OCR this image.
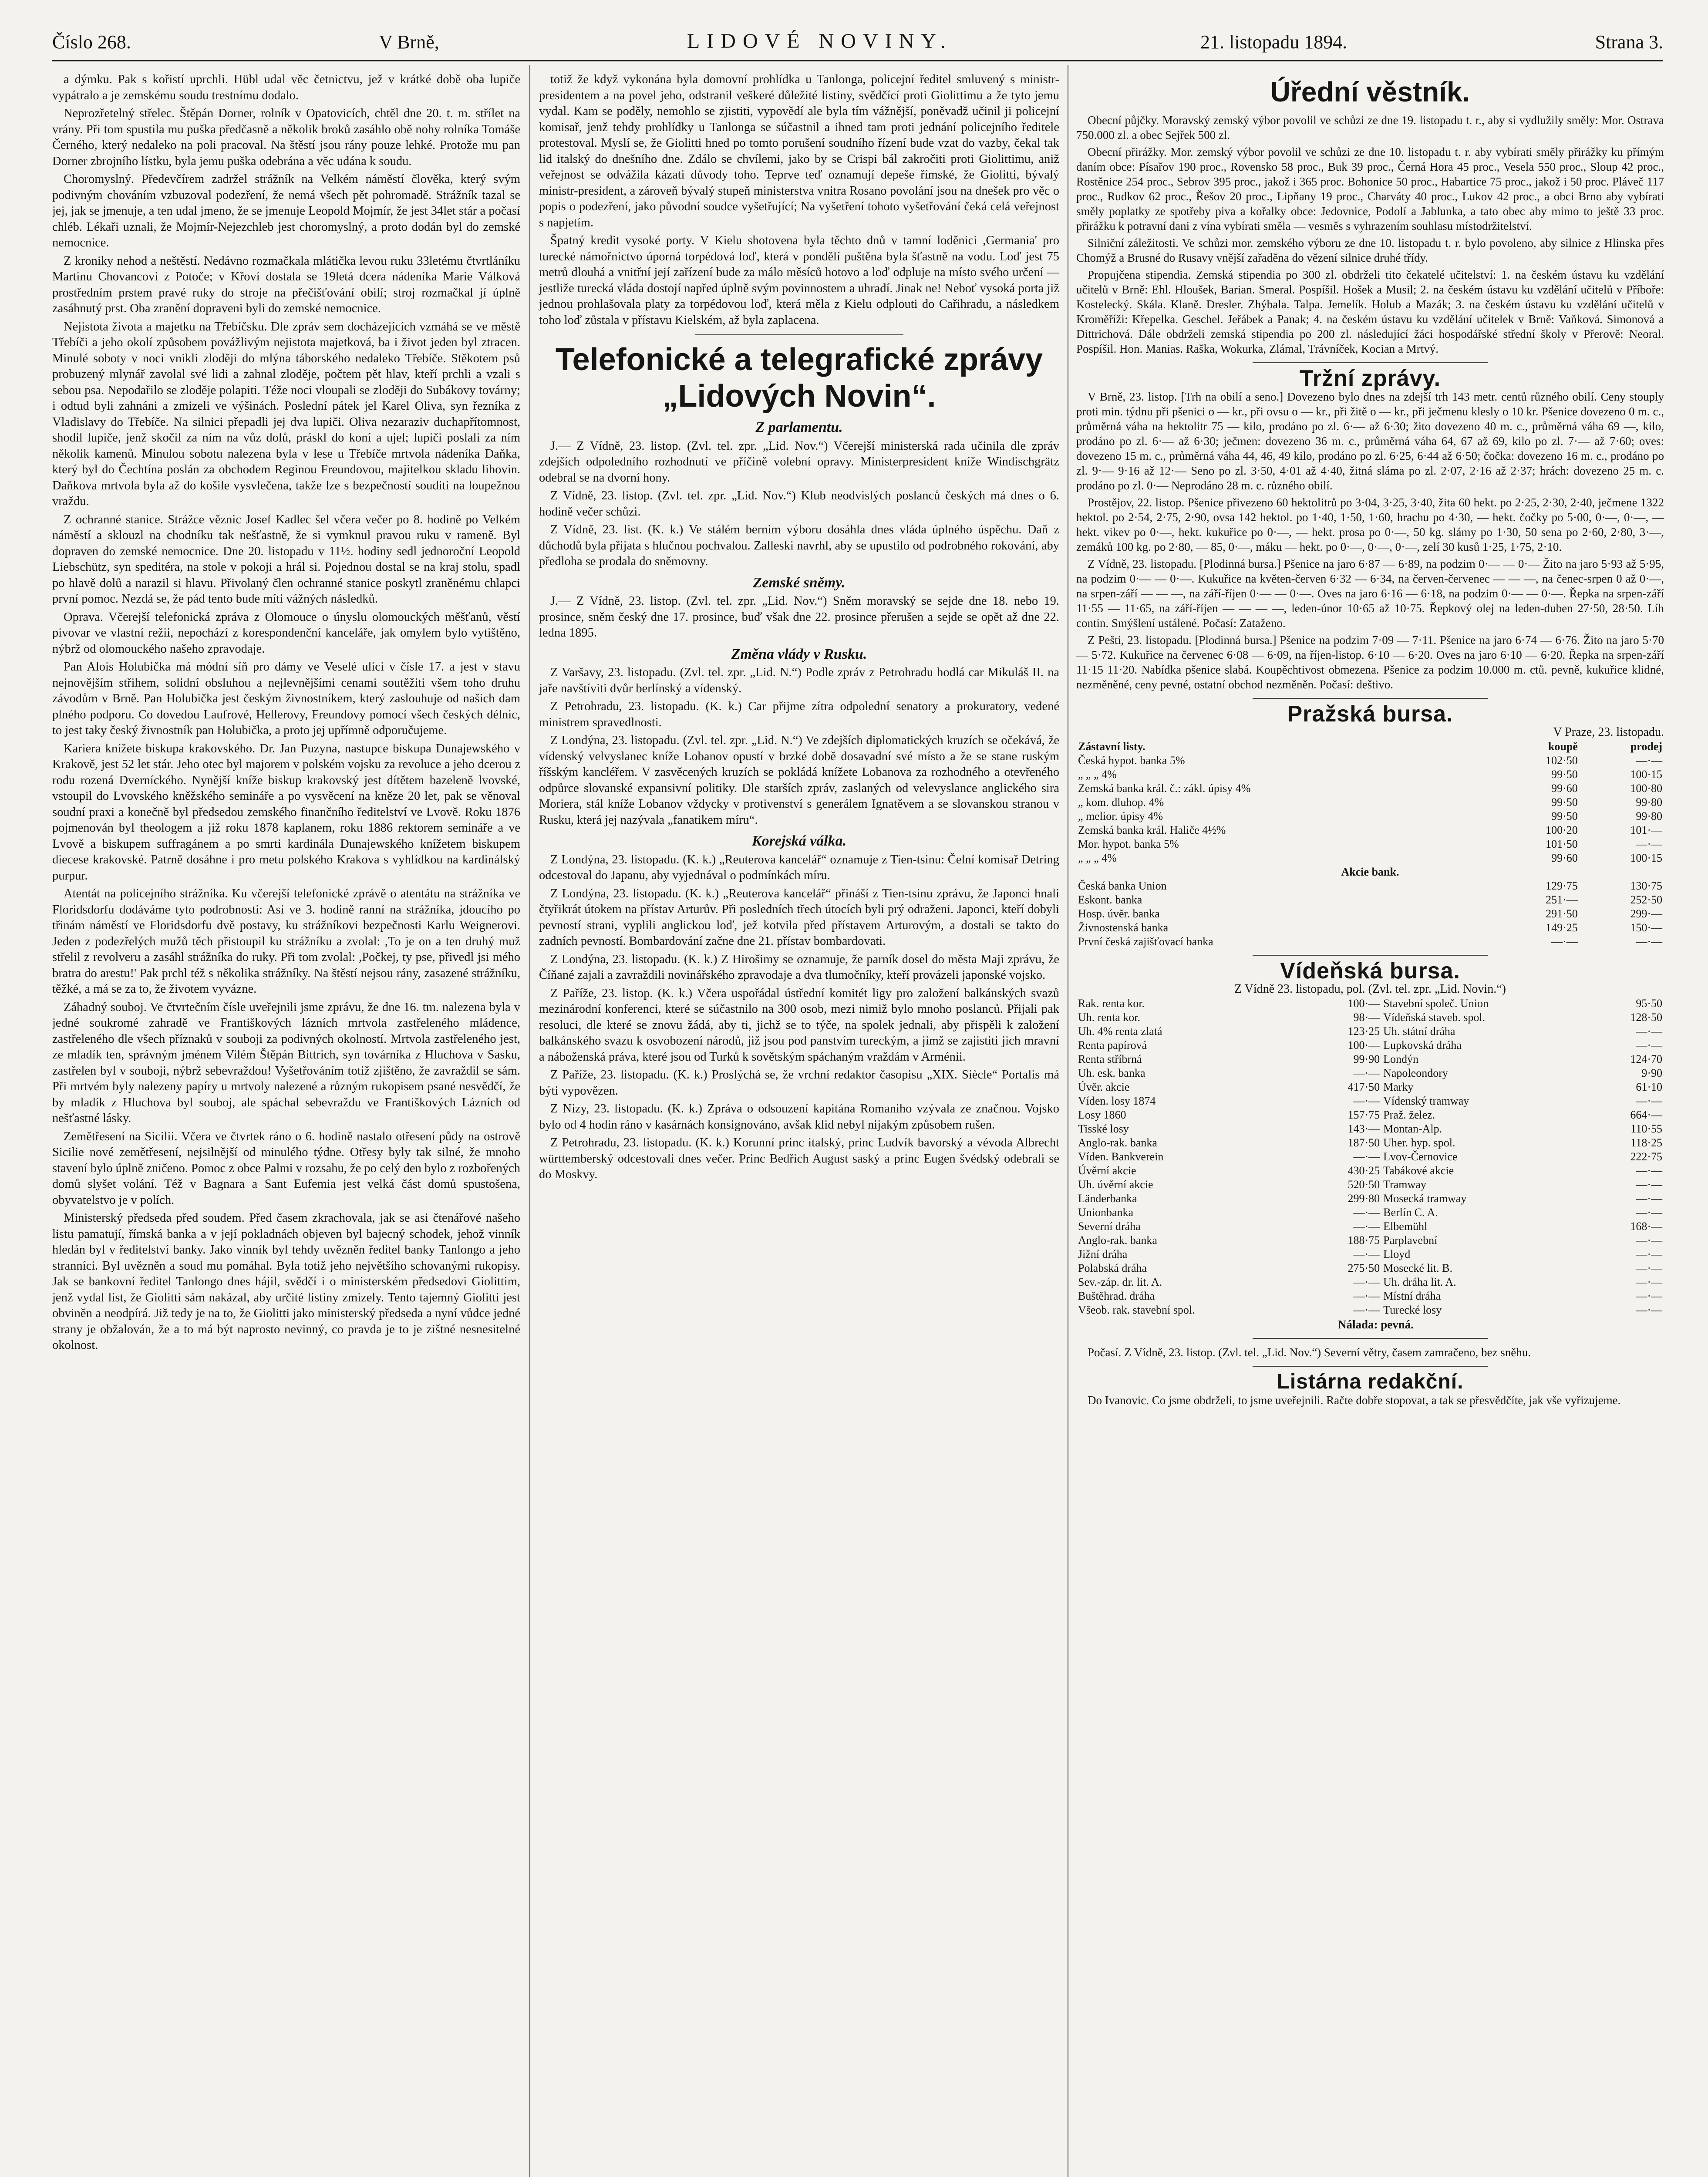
Číslo 268.	V Brně,	LIDOVÉ NOVINY.	21. listopadu 1894.	Strana 3.

a dýmku. Pak s kořistí uprchli. Hübl udal věc četnictvu, jež v krátké době oba lupiče vypátralo a je zemskému soudu trestnímu dodalo.

Neprozřetelný střelec. Štěpán Dorner, rolník v Opatovicích, chtěl dne 20. t. m. střílet na vrány. Při tom spustila mu puška předčasně a několik broků zasáhlo obě nohy rolníka Tomáše Černého, který nedaleko na poli pracoval. Na štěstí jsou rány pouze lehké. Protože mu pan Dorner zbrojního lístku, byla jemu puška odebrána a věc udána k soudu.

Choromyslný. Předevčírem zadržel strážník na Velkém náměstí člověka, který svým podivným chováním vzbuzoval podezření, že nemá všech pět pohromadě. Strážník tazal se jej, jak se jmenuje, a ten udal jmeno, že se jmenuje Leopold Mojmír, že jest 34let stár a počasí chléb. Lékaři uznali, že Mojmír-Nejezchleb jest choromyslný, a proto dodán byl do zemské nemocnice.

Z kroniky nehod a neštěstí. Nedávno rozmačkala mlátička levou ruku 33letému čtvrtláníku Martinu Chovancovi z Potoče; v Křoví dostala se 19letá dcera nádeníka Marie Válková prostředním prstem pravé ruky do stroje na přečišťování obilí; stroj rozmačkal jí úplně zasáhnutý prst. Oba zranění dopraveni byli do zemské nemocnice.

Nejistota života a majetku na Třebíčsku. Dle zpráv sem docházejících vzmáhá se ve městě Třebíči a jeho okolí způsobem povážlivým nejistota majetková, ba i život jeden byl ztracen. Minulé soboty v noci vnikli zloději do mlýna táborského nedaleko Třebíče. Stěkotem psů probuzený mlynář zavolal své lidi a zahnal zloděje, počtem pět hlav, kteří prchli a vzali s sebou psa. Nepodařilo se zloděje polapiti. Téže noci vloupali se zloději do Subákovy továrny; i odtud byli zahnáni a zmizeli ve výšinách. Poslední pátek jel Karel Oliva, syn řezníka z Vladislavy do Třebíče. Na silnici přepadli jej dva lupiči. Oliva nezaraziv duchapřítomnost, shodil lupiče, jenž skočil za ním na vůz dolů, práskl do koní a ujel; lupiči poslali za ním několik kamenů. Minulou sobotu nalezena byla v lese u Třebíče mrtvola nádeníka Daňka, který byl do Čechtína poslán za obchodem Reginou Freundovou, majitelkou skladu lihovin. Daňkova mrtvola byla až do košile vysvlečena, takže lze s bezpečností souditi na loupežnou vraždu.

Z ochranné stanice. Strážce věznic Josef Kadlec šel včera večer po 8. hodině po Velkém náměstí a sklouzl na chodníku tak nešťastně, že si vymknul pravou ruku v rameně. Byl dopraven do zemské nemocnice. Dne 20. listopadu v 11½. hodiny sedl jednoroční Leopold Liebschütz, syn speditéra, na stole v pokoji a hrál si. Pojednou dostal se na kraj stolu, spadl po hlavě dolů a narazil si hlavu. Přivolaný člen ochranné stanice poskytl zraněnému chlapci první pomoc. Nezdá se, že pád tento bude míti vážných následků.

Oprava. Včerejší telefonická zpráva z Olomouce o únyslu olomouckých měšťanů, věstí pivovar ve vlastní režii, nepochází z korespondenční kanceláře, jak omylem bylo vytištěno, nýbrž od olomouckého našeho zpravodaje.

Pan Alois Holubička má módní síň pro dámy ve Veselé ulici v čísle 17. a jest v stavu nejnovějším střihem, solidní obsluhou a nejlevnějšími cenami soutěžiti všem toho druhu závodům v Brně. Pan Holubička jest českým živnostníkem, který zaslouhuje od našich dam plného podporu. Co dovedou Laufrové, Hellerovy, Freundovy pomocí všech českých délnic, to jest taky český živnostník pan Holubička, a proto jej upřímně odporučujeme.

Kariera knížete biskupa krakovského. Dr. Jan Puzyna, nastupce biskupa Dunajewského v Krakově, jest 52 let stár. Jeho otec byl majorem v polském vojsku za revoluce a jeho dcerou z rodu rozená Dverníckého. Nynější kníže biskup krakovský jest dítětem bazeleně lvovské, vstoupil do Lvovského kněžského semináře a po vysvěcení na kněze 20 let, pak se věnoval soudní praxi a konečně byl předsedou zemského finančního ředitelství ve Lvově. Roku 1876 pojmenován byl theologem a již roku 1878 kaplanem, roku 1886 rektorem semináře a ve Lvově a biskupem suffragánem a po smrti kardinála Dunajewského knížetem biskupem diecese krakovské. Patrně dosáhne i pro metu polského Krakova s vyhlídkou na kardinálský purpur.

Atentát na policejního strážníka. Ku včerejší telefonické zprávě o atentátu na strážníka ve Floridsdorfu dodáváme tyto podrobnosti: Asi ve 3. hodině ranní na strážníka, jdoucího po třinám náměstí ve Floridsdorfu dvě postavy, ku strážníkovi bezpečnosti Karlu Weignerovi. Jeden z podezřelých mužů těch přistoupil ku strážníku a zvolal: ,To je on a ten druhý muž střelil z revolveru a zasáhl strážníka do ruky. Při tom zvolal: ,Počkej, ty pse, přivedl jsi mého bratra do arestu!' Pak prchl též s několika strážníky. Na štěstí nejsou rány, zasazené strážníku, těžké, a má se za to, že životem vyvázne.

Záhadný souboj. Ve čtvrtečním čísle uveřejnili jsme zprávu, že dne 16. tm. nalezena byla v jedné soukromé zahradě ve Františkových lázních mrtvola zastřeleného mládence, zastřeleného dle všech příznaků v souboji za podivných okolností. Mrtvola zastřeleného jest, ze mladík ten, správným jménem Vilém Štěpán Bittrich, syn továrníka z Hluchova v Sasku, zastřelen byl v souboji, nýbrž sebevraždou! Vyšetřováním totiž zjištěno, že zavraždil se sám. Při mrtvém byly nalezeny papíry u mrtvoly nalezené a různým rukopisem psané nesvědčí, že by mladík z Hluchova byl souboj, ale spáchal sebevraždu ve Františkových Lázních od nešťastné lásky.

Zemětřesení na Sicilii. Včera ve čtvrtek ráno o 6. hodině nastalo otřesení půdy na ostrově Sicilie nové zemětřesení, nejsilnější od minulého týdne. Otřesy byly tak silné, že mnoho stavení bylo úplně zničeno. Pomoc z obce Palmi v rozsahu, že po celý den bylo z rozbořených domů slyšet volání. Též v Bagnara a Sant Eufemia jest velká část domů spustošena, obyvatelstvo je v polích.

Ministerský předseda před soudem. Před časem zkrachovala, jak se asi čtenářové našeho listu pamatují, římská banka a v její pokladnách objeven byl bajecný schodek, jehož vinník hledán byl v ředitelství banky. Jako vinník byl tehdy uvězněn ředitel banky Tanlongo a jeho stranníci. Byl uvězněn a soud mu pomáhal. Byla totiž jeho největšího schovanými rukopisy. Jak se bankovní ředitel Tanlongo dnes hájil, svědčí i o ministerském předsedovi Giolittim, jenž vydal list, že Giolitti sám nakázal, aby určité listiny zmizely. Tento tajemný Giolitti jest obviněn a neodpírá. Již tedy je na to, že Giolitti jako ministerský předseda a nyní vůdce jedné strany je obžalován, že a to má být naprosto nevinný, co pravda je to je zištné nesnesitelné okolnost.

totiž že když vykonána byla domovní prohlídka u Tanlonga, policejní ředitel smluvený s ministr-presidentem a na povel jeho, odstranil veškeré důležité listiny, svědčící proti Giolittimu a že tyto jemu vydal. Kam se poděly, nemohlo se zjistiti, vypovědí ale byla tím vážnější, poněvadž učinil ji policejní komisař, jenž tehdy prohlídky u Tanlonga se súčastnil a ihned tam proti jednání policejního ředitele protestoval. Myslí se, že Giolitti hned po tomto porušení soudního řízení bude vzat do vazby, čekal tak lid italský do dnešního dne. Zdálo se chvílemi, jako by se Crispi bál zakročiti proti Giolittimu, aniž veřejnost se odvážila kázati důvody toho. Teprve teď oznamují depeše římské, že Giolitti, bývalý ministr-president, a zároveň bývalý stupeň ministerstva vnitra Rosano povolání jsou na dnešek pro věc o popis o podezření, jako původní soudce vyšetřující; Na vyšetření tohoto vyšetřování čeká celá veřejnost s napjetím.

Špatný kredit vysoké porty. V Kielu shotovena byla těchto dnů v tamní loděnici ,Germania' pro turecké námořnictvo úporná torpédová loď, která v pondělí puštěna byla šťastně na vodu. Loď jest 75 metrů dlouhá a vnitřní její zařízení bude za málo měsíců hotovo a loď odpluje na místo svého určení — jestliže turecká vláda dostojí napřed úplně svým povinnostem a uhradí. Jinak ne! Neboť vysoká porta již jednou prohlašovala platy za torpédovou loď, která měla z Kielu odplouti do Cařihradu, a následkem toho loď zůstala v přístavu Kielském, až byla zaplacena.

Telefonické a telegrafické zprávy „Lidových Novin“.
Z parlamentu.

J.— Z Vídně, 23. listop. (Zvl. tel. zpr. „Lid. Nov.“) Včerejší ministerská rada učinila dle zpráv zdejších odpoledního rozhodnutí ve příčině volební opravy. Ministerpresident kníže Windischgrätz odebral se na dvorní hony.

Z Vídně, 23. listop. (Zvl. tel. zpr. „Lid. Nov.“) Klub neodvislých poslanců českých má dnes o 6. hodině večer schůzi.

Z Vídně, 23. list. (K. k.) Ve stálém bernim výboru dosáhla dnes vláda úplného úspěchu. Daň z důchodů byla přijata s hlučnou pochvalou. Zalleski navrhl, aby se upustilo od podrobného rokování, aby předloha se prodala do sněmovny.

Zemské sněmy.

J.— Z Vídně, 23. listop. (Zvl. tel. zpr. „Lid. Nov.“) Sněm moravský se sejde dne 18. nebo 19. prosince, sněm český dne 17. prosince, buď však dne 22. prosince přerušen a sejde se opět až dne 22. ledna 1895.

Změna vlády v Rusku.

Z Varšavy, 23. listopadu. (Zvl. tel. zpr. „Lid. N.“) Podle zpráv z Petrohradu hodlá car Mikuláš II. na jaře navštíviti dvůr berlínský a vídenský.

Z Petrohradu, 23. listopadu. (K. k.) Car přijme zítra odpolední senatory a prokuratory, vedené ministrem spravedlnosti.

Z Londýna, 23. listopadu. (Zvl. tel. zpr. „Lid. N.“) Ve zdejších diplomatických kruzích se očekává, že vídenský velvyslanec kníže Lobanov opustí v brzké době dosavadní své místo a že se stane ruským říšským kancléřem. V zasvěcených kruzích se pokládá knížete Lobanova za rozhodného a otevřeného odpůrce slovanské expansivní politiky. Dle starších zpráv, zaslaných od velevyslance anglického sira Moriera, stál kníže Lobanov vždycky v protivenství s generálem Ignatěvem a se slovanskou stranou v Rusku, která jej nazývala „fanatikem míru“.

Korejská válka.

Z Londýna, 23. listopadu. (K. k.) „Reuterova kancelář“ oznamuje z Tien-tsinu: Čelní komisař Detring odcestoval do Japanu, aby vyjednával o podmínkách míru.

Z Londýna, 23. listopadu. (K. k.) „Reuterova kancelář“ přináší z Tien-tsinu zprávu, že Japonci hnali čtyřikrát útokem na přístav Arturův. Při posledních třech útocích byli prý odraženi. Japonci, kteří dobyli pevností strani, vyplili anglickou loď, jež kotvila před přístavem Arturovým, a dostali se takto do zadních pevností. Bombardování začne dne 21. přístav bombardovati.

Z Londýna, 23. listopadu. (K. k.) Z Hirošimy se oznamuje, že parník dosel do města Maji zprávu, že Číňané zajali a zavraždili novinářského zpravodaje a dva tlumočníky, kteří provázeli japonské vojsko.

Z Paříže, 23. listop. (K. k.) Včera uspořádal ústřední komitét ligy pro založení balkánských svazů mezinárodní konferenci, které se súčastnilo na 300 osob, mezi nimiž bylo mnoho poslanců. Přijali pak resoluci, dle které se znovu žádá, aby ti, jichž se to týče, na spolek jednali, aby přispěli k založení balkánského svazu k osvobození národů, již jsou pod panstvím tureckým, a jimž se zajistiti jich mravní a náboženská práva, které jsou od Turků k sovětským spáchaným vraždám v Arménii.

Z Paříže, 23. listopadu. (K. k.) Proslýchá se, že vrchní redaktor časopisu „XIX. Siècle“ Portalis má býti vypovězen.

Z Nizy, 23. listopadu. (K. k.) Zpráva o odsouzení kapitána Romaniho vzývala ze značnou. Vojsko bylo od 4 hodin ráno v kasárnách konsignováno, avšak klid nebyl nijakým způsobem rušen.

Z Petrohradu, 23. listopadu. (K. k.) Korunní princ italský, princ Ludvík bavorský a vévoda Albrecht württemberský odcestovali dnes večer. Princ Bedřich August saský a princ Eugen švédský odebrali se do Moskvy.

Úřední věstník.

Obecní půjčky. Moravský zemský výbor povolil ve schůzi ze dne 19. listopadu t. r., aby si vydlužily směly: Mor. Ostrava 750.000 zl. a obec Sejřek 500 zl.

Obecní přirážky. Mor. zemský výbor povolil ve schůzi ze dne 10. listopadu t. r. aby vybírati směly přirážky ku přímým daním obce: Písařov 190 proc., Rovensko 58 proc., Buk 39 proc., Černá Hora 45 proc., Vesela 550 proc., Sloup 42 proc., Rostěnice 254 proc., Sebrov 395 proc., jakož i 365 proc. Bohonice 50 proc., Habartice 75 proc., jakož i 50 proc. Pláveč 117 proc., Rudkov 62 proc., Řešov 20 proc., Lipňany 19 proc., Charváty 40 proc., Lukov 42 proc., a obci Brno aby vybírati směly poplatky ze spotřeby piva a kořalky obce: Jedovnice, Podolí a Jablunka, a tato obec aby mimo to ještě 33 proc. přirážku k potravní dani z vína vybírati směla — vesměs s vyhrazením souhlasu místodržitelství.

Silniční záležitosti. Ve schůzi mor. zemského výboru ze dne 10. listopadu t. r. bylo povoleno, aby silnice z Hlinska přes Chomýž a Brusné do Rusavy vnější zařaděna do vězení silnice druhé třídy.

Propujčena stipendia. Zemská stipendia po 300 zl. obdrželi tito čekatelé učitelství: 1. na českém ústavu ku vzdělání učitelů v Brně: Ehl. Hloušek, Barian. Smeral. Pospíšil. Hošek a Musil; 2. na českém ústavu ku vzdělání učitelů v Příboře: Kostelecký. Skála. Klaně. Dresler. Zhýbala. Talpa. Jemelík. Holub a Mazák; 3. na českém ústavu ku vzdělání učitelů v Kroměříži: Křepelka. Geschel. Jeřábek a Panak; 4. na českém ústavu ku vzdělání učitelek v Brně: Vaňková. Simonová a Dittrichová. Dále obdrželi zemská stipendia po 200 zl. následující žáci hospodářské střední školy v Přerově: Neoral. Pospíšil. Hon. Manias. Raška, Wokurka, Zlámal, Trávníček, Kocian a Mrtvý.

Tržní zprávy.

V Brně, 23. listop. [Trh na obilí a seno.] Dovezeno bylo dnes na zdejší trh 143 metr. centů různého obilí. Ceny stouply proti min. týdnu při pšenici o — kr., při ovsu o — kr., při žitě o — kr., při ječmenu klesly o 10 kr. Pšenice dovezeno 0 m. c., průměrná váha na hektolitr 75 — kilo, prodáno po zl. 6·— až 6·30; žito dovezeno 40 m. c., průměrná váha 69 —, kilo, prodáno po zl. 6·— až 6·30; ječmen: dovezeno 36 m. c., průměrná váha 64, 67 až 69, kilo po zl. 7·— až 7·60; oves: dovezeno 15 m. c., průměrná váha 44, 46, 49 kilo, prodáno po zl. 6·25, 6·44 až 6·50; čočka: dovezeno 16 m. c., prodáno po zl. 9·— 9·16 až 12·— Seno po zl. 3·50, 4·01 až 4·40, žitná sláma po zl. 2·07, 2·16 až 2·37; hrách: dovezeno 25 m. c. prodáno po zl. 0·— Neprodáno 28 m. c. různého obilí.

Prostějov, 22. listop. Pšenice přivezeno 60 hektolitrů po 3·04, 3·25, 3·40, žita 60 hekt. po 2·25, 2·30, 2·40, ječmene 1322 hektol. po 2·54, 2·75, 2·90, ovsa 142 hektol. po 1·40, 1·50, 1·60, hrachu po 4·30, — hekt. čočky po 5·00, 0·—, 0·—, — hekt. vikev po 0·—, hekt. kukuřice po 0·—, — hekt. prosa po 0·—, 50 kg. slámy po 1·30, 50 sena po 2·60, 2·80, 3·—, zemáků 100 kg. po 2·80, — 85, 0·—, máku — hekt. po 0·—, 0·—, 0·—, zelí 30 kusů 1·25, 1·75, 2·10.

Z Vídně, 23. listopadu. [Plodinná bursa.] Pšenice na jaro 6·87 — 6·89, na podzim 0·— — 0·— Žito na jaro 5·93 až 5·95, na podzim 0·— — 0·—. Kukuřice na květen-červen 6·32 — 6·34, na červen-červenec — — —, na čenec-srpen 0 až 0·—, na srpen-září — — —, na září-říjen 0·— — 0·—. Oves na jaro 6·16 — 6·18, na podzim 0·— — 0·—. Řepka na srpen-září 11·55 — 11·65, na září-říjen — — — —, leden-únor 10·65 až 10·75. Řepkový olej na leden-duben 27·50, 28·50. Líh contin. Smýšlení ustálené. Počasí: Zataženo.

Z Pešti, 23. listopadu. [Plodinná bursa.] Pšenice na podzim 7·09 — 7·11. Pšenice na jaro 6·74 — 6·76. Žito na jaro 5·70 — 5·72. Kukuřice na červenec 6·08 — 6·09, na říjen-listop. 6·10 — 6·20. Oves na jaro 6·10 — 6·20. Řepka na srpen-září 11·15 11·20. Nabídka pšenice slabá. Koupěchtivost obmezena. Pšenice za podzim 10.000 m. ctů. pevně, kukuřice klidné, nezměněné, ceny pevné, ostatní obchod nezměněn. Počasí: deštivo.

Pražská bursa.
V Praze, 23. listopadu.
Zástavní listy.	koupě	prodej
Česká hypot. banka 5%	102·50	—·—
„ „ „ 4%	99·50	100·15
Zemská banka král. č.: zákl. úpisy 4%	99·60	100·80
„ kom. dluhop. 4%	99·50	99·80
„ melior. úpisy 4%	99·50	99·80
Zemská banka král. Haliče 4½%	100·20	101·—
Mor. hypot. banka 5%	101·50	—·—
„ „ „ 4%	99·60	100·15
Akcie bank.		
Česká banka Union	129·75	130·75
Eskont. banka	251·—	252·50
Hosp. úvěr. banka	291·50	299·—
Živnostenská banka	149·25	150·—
První česká zajišťovací banka	—·—	—·—
Vídeňská bursa.
Z Vídně 23. listopadu, pol. (Zvl. tel. zpr. „Lid. Novin.“)
Rak. renta kor.	100·—	Stavební společ. Union	95·50
Uh. renta kor.	98·—	Vídeňská staveb. spol.	128·50
Uh. 4% renta zlatá	123·25	Uh. státní dráha	—·—
Renta papírová	100·—	Lupkovská dráha	—·—
Renta stříbrná	99·90	Londýn	124·70
Uh. esk. banka	—·—	Napoleondory	9·90
Úvěr. akcie	417·50	Marky	61·10
Víden. losy 1874	—·—	Vídenský tramway	—·—
Losy 1860	157·75	Praž. želez.	664·—
Tisské losy	143·—	Montan-Alp.	110·55
Anglo-rak. banka	187·50	Uher. hyp. spol.	118·25
Víden. Bankverein	—·—	Lvov-Černovice	222·75
Úvěrní akcie	430·25	Tabákové akcie	—·—
Uh. úvěrní akcie	520·50	Tramway	—·—
Länderbanka	299·80	Mosecká tramway	—·—
Unionbanka	—·—	Berlín C. A.	—·—
Severní dráha	—·—	Elbemühl	168·—
Anglo-rak. banka	188·75	Parplavební	—·—
Jižní dráha	—·—	Lloyd	—·—
Polabská dráha	275·50	Mosecké lit. B.	—·—
Sev.-záp. dr. lit. A.	—·—	Uh. dráha lit. A.	—·—
Buštěhrad. dráha	—·—	Místní dráha	—·—
Všeob. rak. stavební spol.	—·—	Turecké losy	—·—

Nálada: pevná.

Počasí. Z Vídně, 23. listop. (Zvl. tel. „Lid. Nov.“) Severní větry, časem zamračeno, bez sněhu.

Listárna redakční.

Do Ivanovic. Co jsme obdrželi, to jsme uveřejnili. Račte dobře stopovat, a tak se přesvědčíte, jak vše vyřizujeme.
